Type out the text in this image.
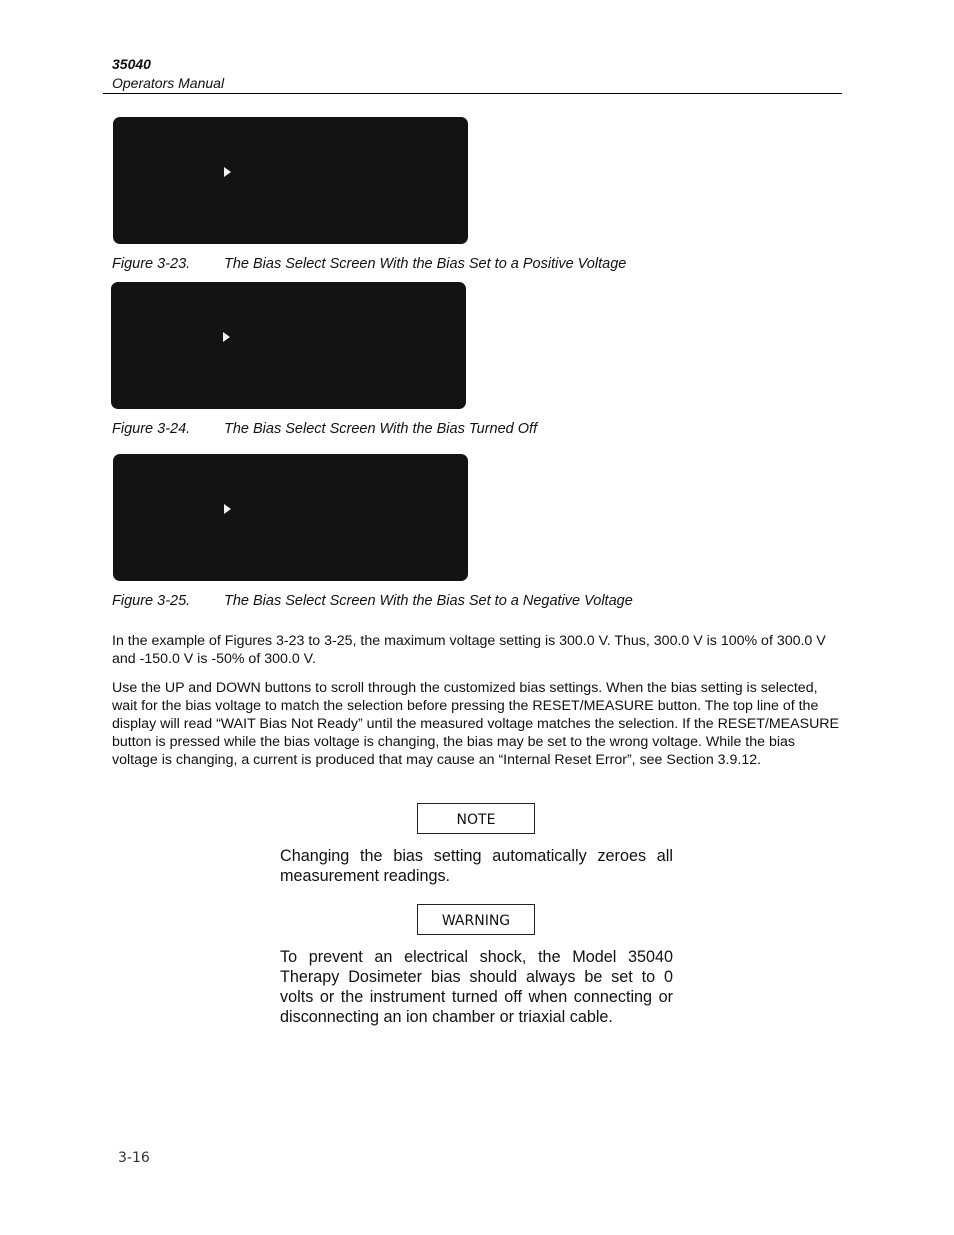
35040
Operators Manual
Figure 3-23. The Bias Select Screen With the Bias Set to a Positive Voltage
Figure 3-24. The Bias Select Screen With the Bias Turned Off
Figure 3-25. The Bias Select Screen With the Bias Set to a Negative Voltage

In the example of Figures 3-23 to 3-25, the maximum voltage setting is 300.0 V. Thus, 300.0 V is 100% of 300.0 V and -150.0 V is -50% of 300.0 V.

Use the UP and DOWN buttons to scroll through the customized bias settings. When the bias setting is selected, wait for the bias voltage to match the selection before pressing the RESET/MEASURE button. The top line of the display will read “WAIT Bias Not Ready” until the measured voltage matches the selection. If the RESET/MEASURE button is pressed while the bias voltage is changing, the bias may be set to the wrong voltage. While the bias voltage is changing, a current is produced that may cause an “Internal Reset Error”, see Section 3.9.12.

NOTE

Changing the bias setting automatically zeroes all measurement readings.

WARNING

To prevent an electrical shock, the Model 35040 Therapy Dosimeter bias should always be set to 0 volts or the instrument turned off when connecting or disconnecting an ion chamber or triaxial cable.

3-16
